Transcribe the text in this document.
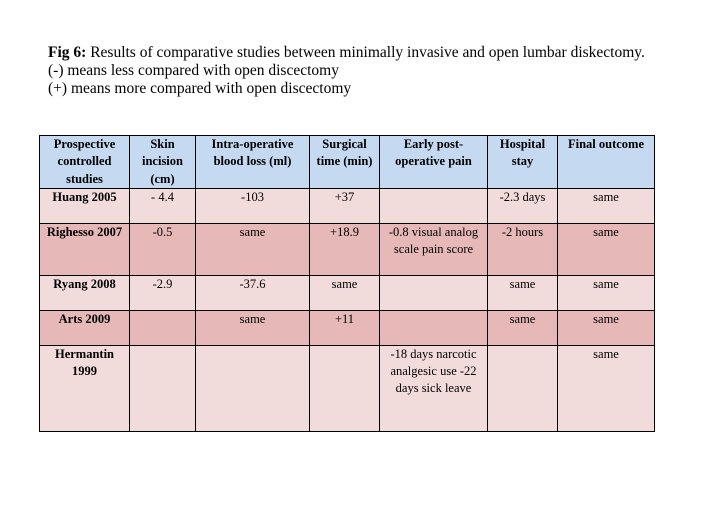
Fig 6: Results of comparative studies between minimally invasive and open lumbar diskectomy.
(-) means less compared with open discectomy
(+) means more compared with open discectomy
Prospective controlled studies	Skin incision (cm)	Intra-operative blood loss (ml)	Surgical time (min)	Early post-operative pain	Hospital stay	Final outcome
Huang 2005	- 4.4	-103	+37		-2.3 days	same
Righesso 2007	-0.5	same	+18.9	-0.8 visual analog scale pain score	-2 hours	same
Ryang 2008	-2.9	-37.6	same		same	same
Arts 2009		same	+11		same	same
Hermantin 1999				-18 days narcotic analgesic use -22 days sick leave		same
